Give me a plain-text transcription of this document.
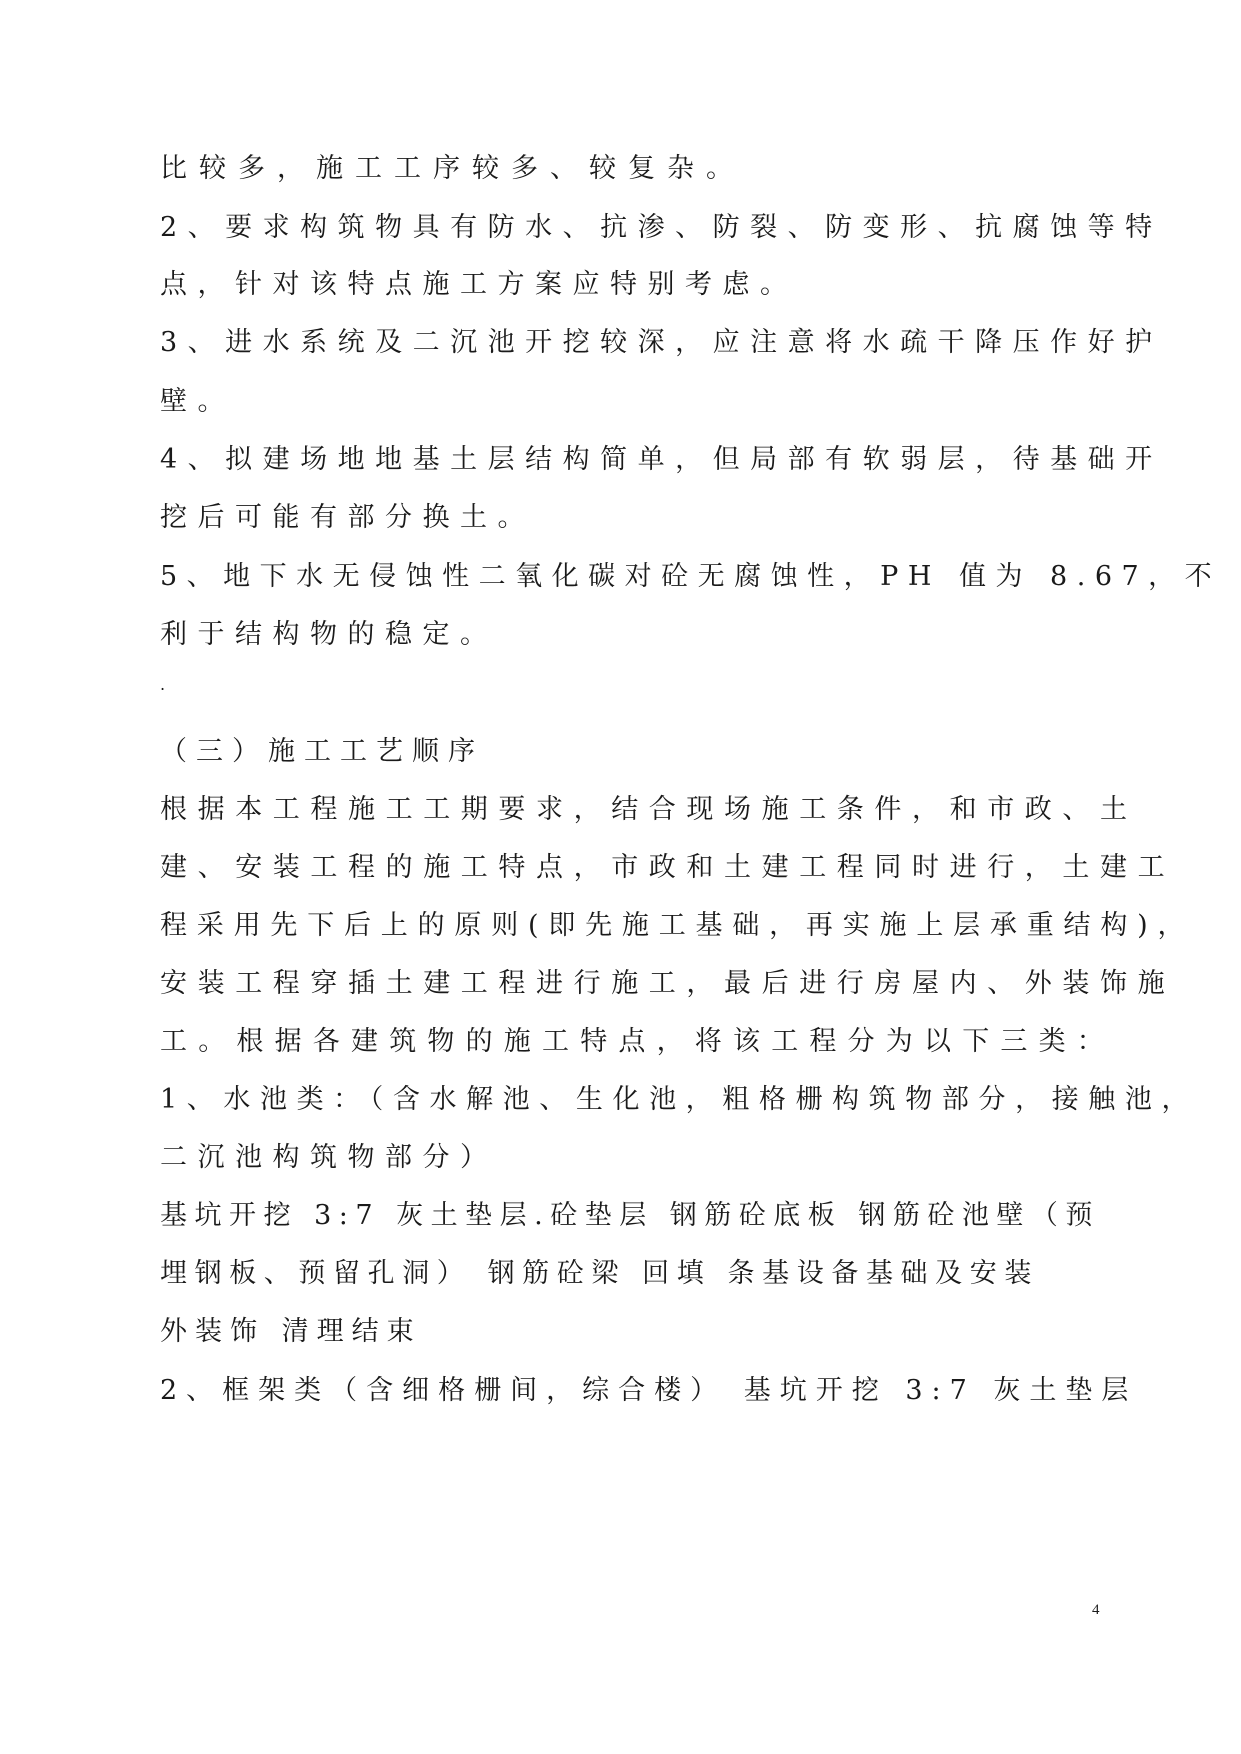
比较多，施工工序较多、较复杂。
2、要求构筑物具有防水、抗渗、防裂、防变形、抗腐蚀等特
点，针对该特点施工方案应特别考虑。
3、进水系统及二沉池开挖较深，应注意将水疏干降压作好护
壁。
4、拟建场地地基土层结构简单，但局部有软弱层，待基础开
挖后可能有部分换土。
5、地下水无侵蚀性二氧化碳对砼无腐蚀性，PH 值为 8.67，不
利于结构物的稳定。
.
（三）施工工艺顺序
根据本工程施工工期要求，结合现场施工条件，和市政、土
建、安装工程的施工特点，市政和土建工程同时进行，土建工
程采用先下后上的原则(即先施工基础，再实施上层承重结构)，
安装工程穿插土建工程进行施工，最后进行房屋内、外装饰施
工。根据各建筑物的施工特点，将该工程分为以下三类：
1、水池类：（含水解池、生化池，粗格栅构筑物部分，接触池，
二沉池构筑物部分）
基坑开挖 3:7 灰土垫层.砼垫层 钢筋砼底板 钢筋砼池壁（预
埋钢板、预留孔洞） 钢筋砼梁 回填 条基设备基础及安装
外装饰 清理结束
2、框架类（含细格栅间，综合楼） 基坑开挖 3:7 灰土垫层
4
